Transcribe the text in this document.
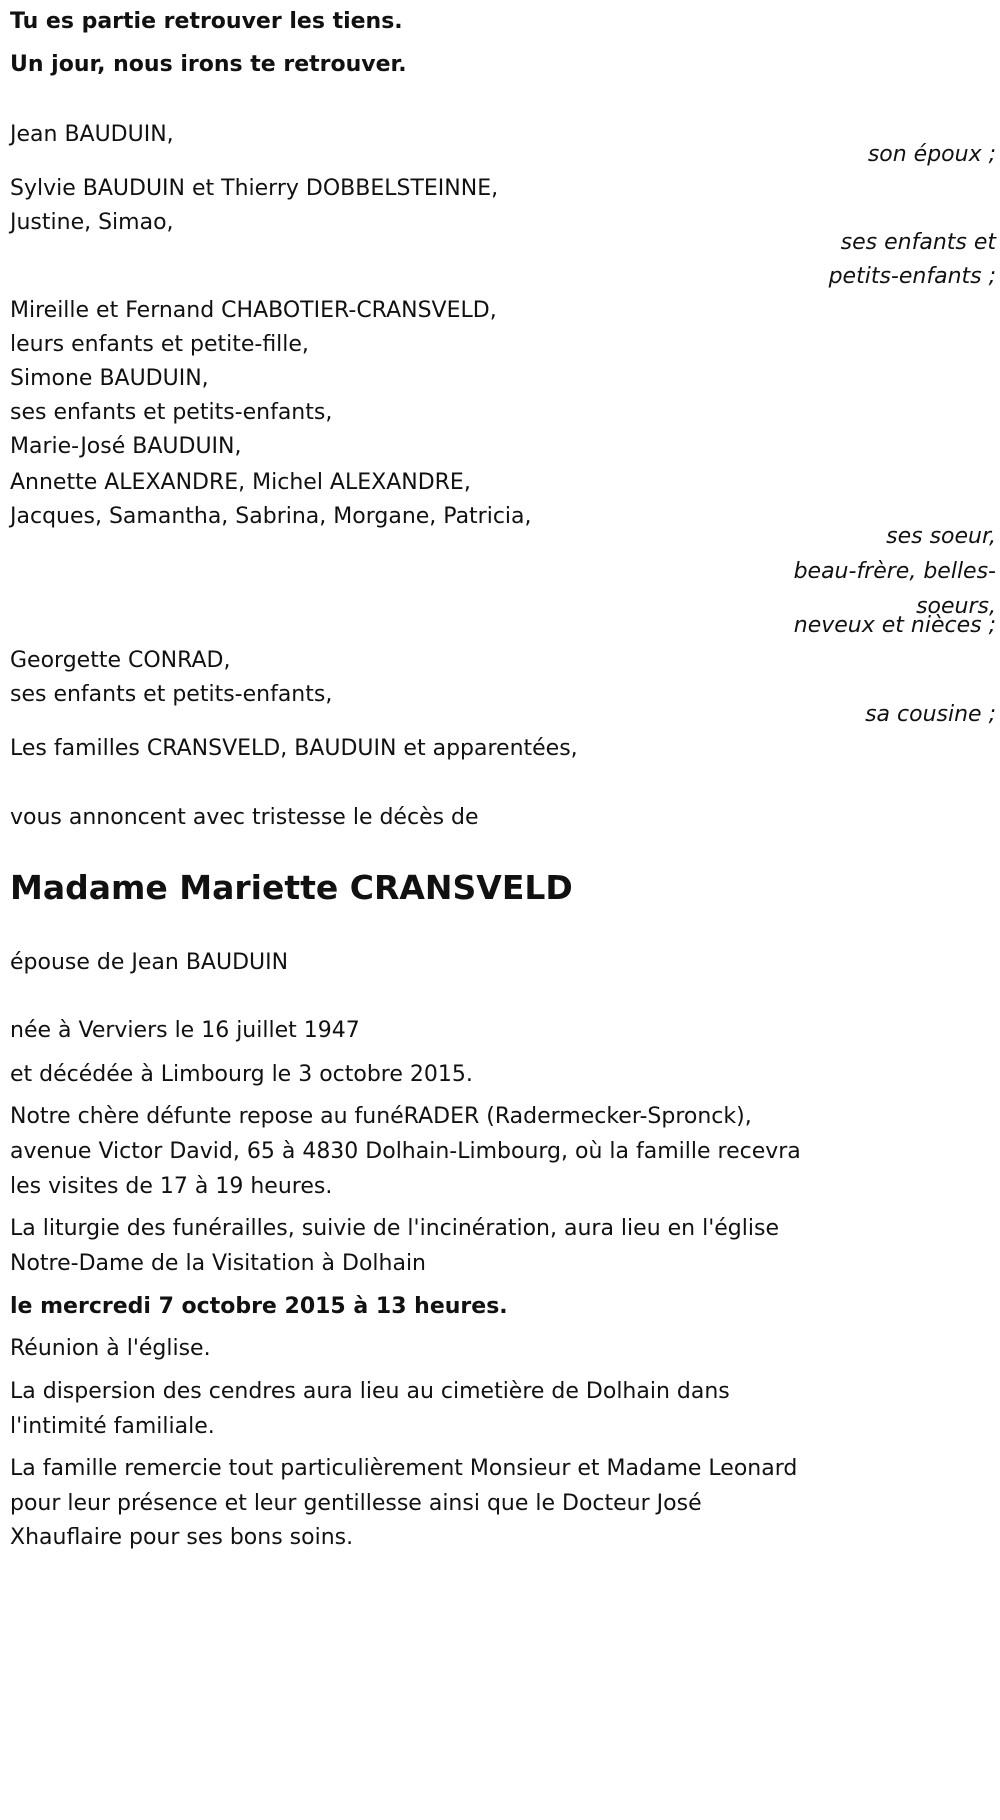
Tu es partie retrouver les tiens.
Un jour, nous irons te retrouver.
Jean BAUDUIN,
son époux ;
Sylvie BAUDUIN et Thierry DOBBELSTEINNE,
Justine, Simao,
ses enfants et
petits-enfants ;
Mireille et Fernand CHABOTIER-CRANSVELD,
leurs enfants et petite-fille,
Simone BAUDUIN,
ses enfants et petits-enfants,
Marie-José BAUDUIN,
Annette ALEXANDRE, Michel ALEXANDRE,
Jacques, Samantha, Sabrina, Morgane, Patricia,
ses soeur,
beau-frère, belles-
soeurs,
neveux et nièces ;
Georgette CONRAD,
ses enfants et petits-enfants,
sa cousine ;
Les familles CRANSVELD, BAUDUIN et apparentées,
vous annoncent avec tristesse le décès de
Madame Mariette CRANSVELD
épouse de Jean BAUDUIN
née à Verviers le 16 juillet 1947
et décédée à Limbourg le 3 octobre 2015.
Notre chère défunte repose au funéRADER (Radermecker-Spronck),
avenue Victor David, 65 à 4830 Dolhain-Limbourg, où la famille recevra
les visites de 17 à 19 heures.
La liturgie des funérailles, suivie de l'incinération, aura lieu en l'église
Notre-Dame de la Visitation à Dolhain
le mercredi 7 octobre 2015 à 13 heures.
Réunion à l'église.
La dispersion des cendres aura lieu au cimetière de Dolhain dans
l'intimité familiale.
La famille remercie tout particulièrement Monsieur et Madame Leonard
pour leur présence et leur gentillesse ainsi que le Docteur José
Xhauflaire pour ses bons soins.
